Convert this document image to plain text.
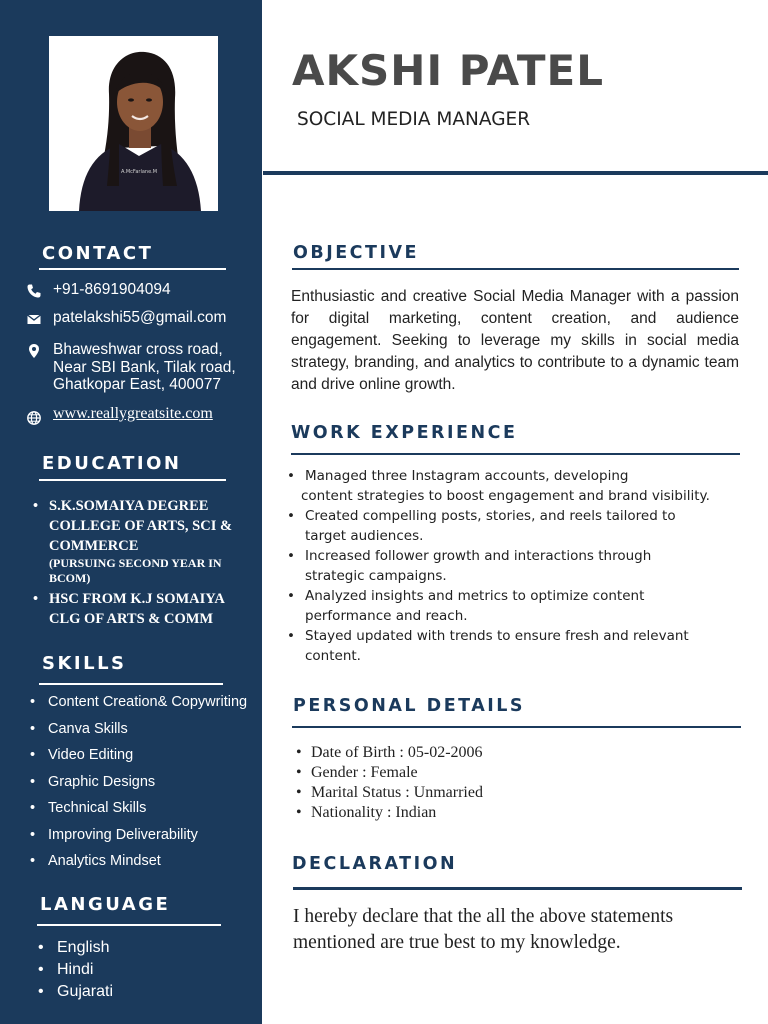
A.McFarlane.M
CONTACT
+91-8691904094
patelakshi55@gmail.com
Bhaweshwar cross road,
Near SBI Bank, Tilak road,
Ghatkopar East, 400077
www.reallygreatsite.com
EDUCATION
• S.K.SOMAIYA DEGREE COLLEGE OF ARTS, SCI & COMMERCE
(PURSUING SECOND YEAR IN BCOM)
• HSC FROM K.J SOMAIYA CLG OF ARTS & COMM
SKILLS
• Content Creation& Copywriting
• Canva Skills
• Video Editing
• Graphic Designs
• Technical Skills
• Improving Deliverability
• Analytics Mindset
LANGUAGE
• English
• Hindi
• Gujarati
AKSHI PATEL
SOCIAL MEDIA MANAGER
OBJECTIVE

Enthusiastic and creative Social Media Manager with a passion for digital marketing, content creation, and audience engagement. Seeking to leverage my skills in social media strategy, branding, and analytics to contribute to a dynamic team and drive online growth.

WORK EXPERIENCE
• Managed three Instagram accounts, developing
content strategies to boost engagement and brand visibility.
• Created compelling posts, stories, and reels tailored to
target audiences.
• Increased follower growth and interactions through
strategic campaigns.
• Analyzed insights and metrics to optimize content
performance and reach.
• Stayed updated with trends to ensure fresh and relevant
content.
PERSONAL DETAILS
• Date of Birth : 05-02-2006
• Gender : Female
• Marital Status : Unmarried
• Nationality : Indian
DECLARATION

I hereby declare that the all the above statements mentioned are true best to my knowledge.
